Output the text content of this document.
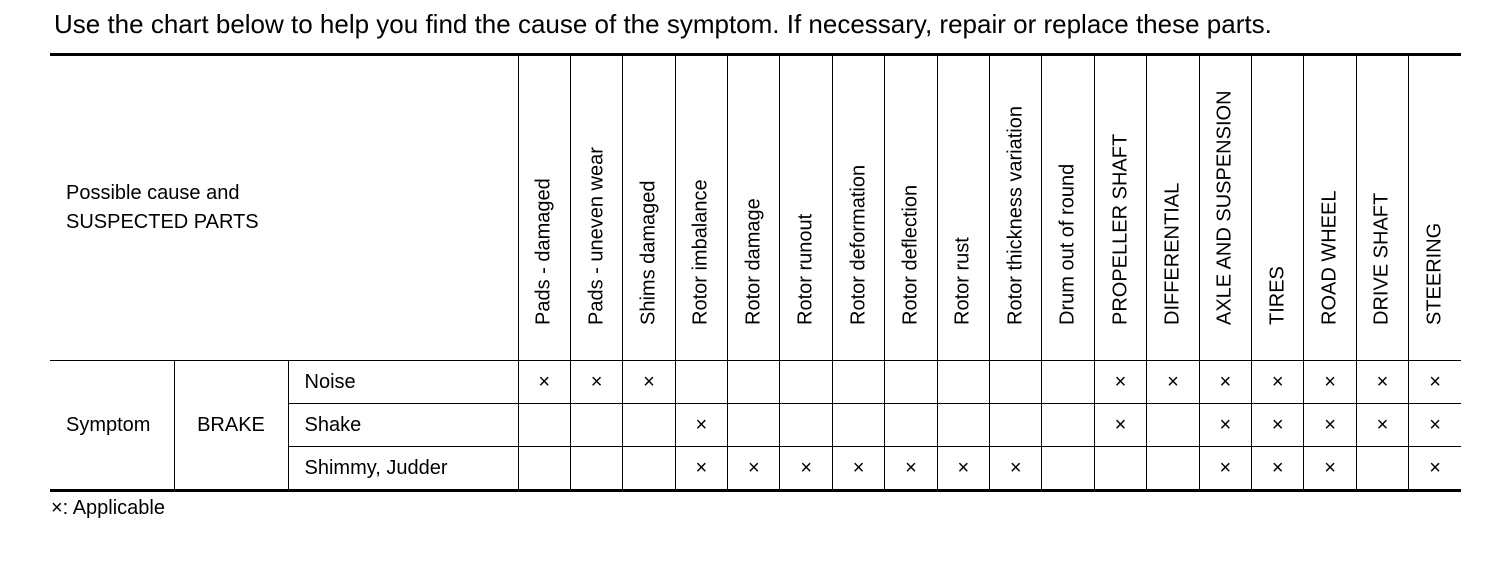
Use the chart below to help you find the cause of the symptom. If necessary, repair or replace these parts.
Possible cause and
SUSPECTED PARTS			Pads - damaged	Pads - uneven wear	Shims damaged	Rotor imbalance	Rotor damage	Rotor runout	Rotor deformation	Rotor deflection	Rotor rust	Rotor thickness variation	Drum out of round	PROPELLER SHAFT	DIFFERENTIAL	AXLE AND SUSPENSION	TIRES	ROAD WHEEL	DRIVE SHAFT	STEERING

Symptom	BRAKE	Noise	×	×	×									×	×	×	×	×	×	×
		Shake				×								×		×	×	×	×	×
		Shimmy, Judder				×	×	×	×	×	×	×				×	×	×		×
×: Applicable
